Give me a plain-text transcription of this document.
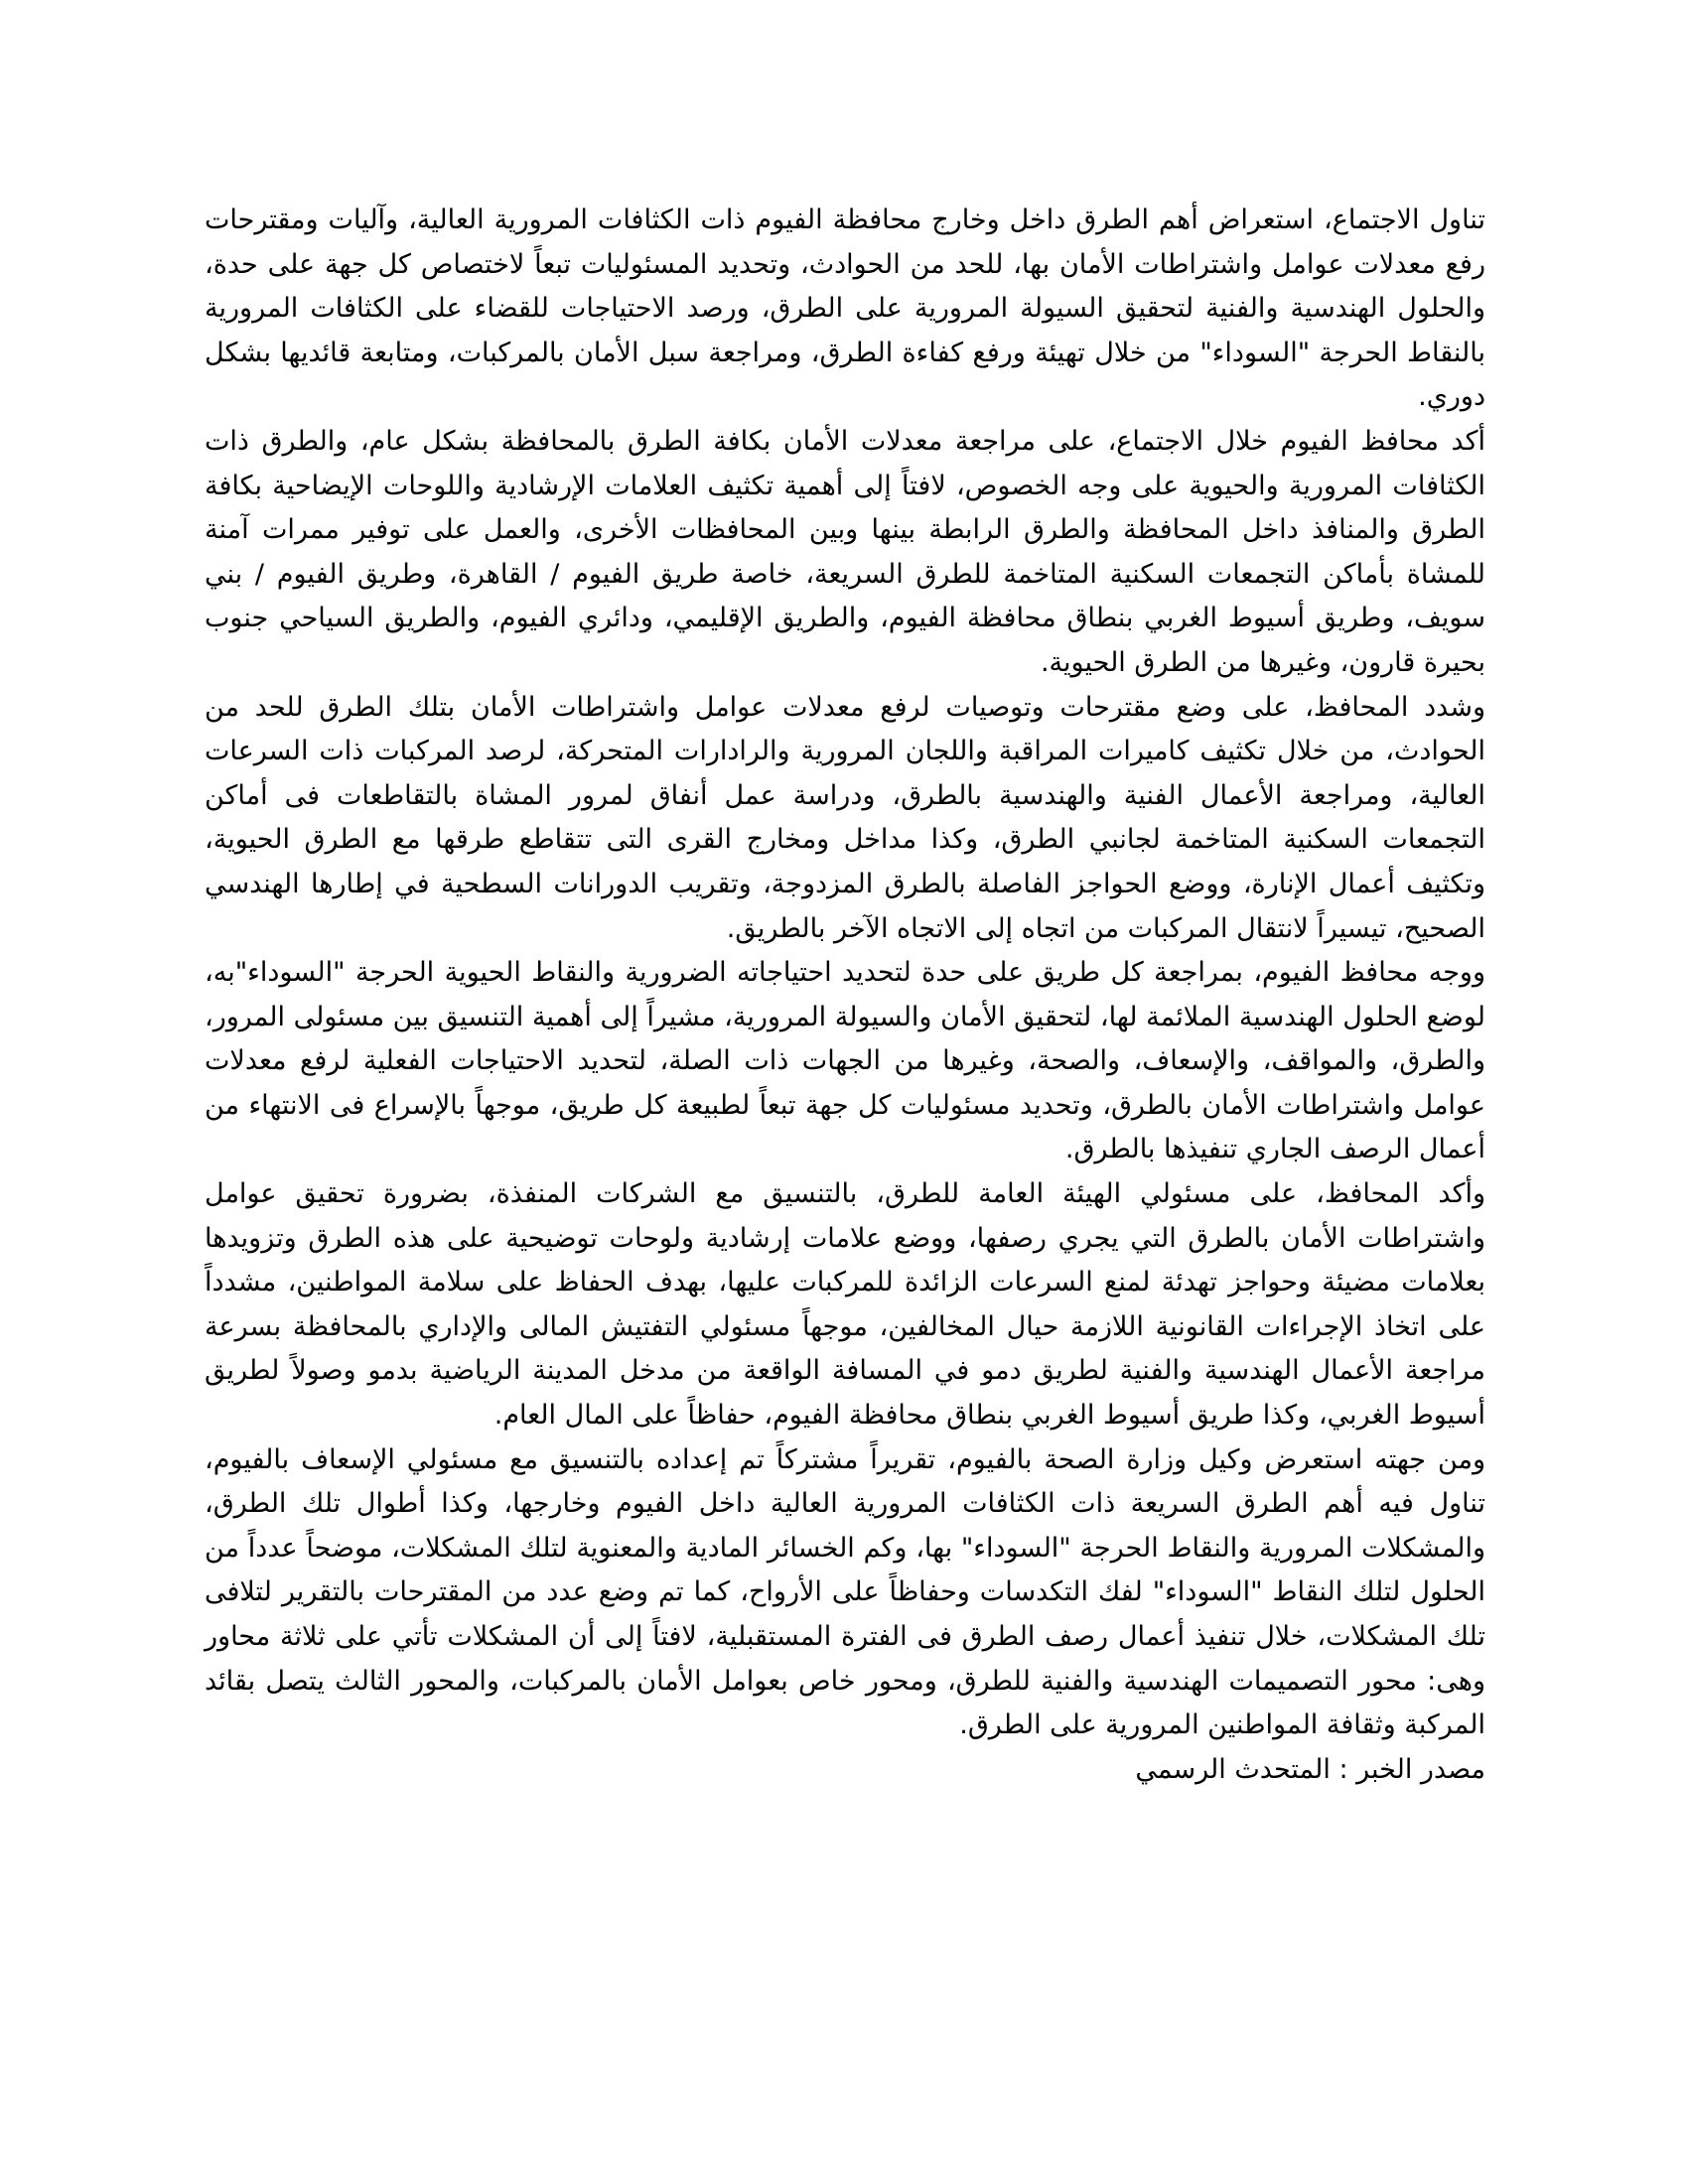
تناول الاجتماع، استعراض أهم الطرق داخل وخارج محافظة الفيوم ذات الكثافات المرورية العالية، وآليات ومقترحات رفع معدلات عوامل واشتراطات الأمان بها، للحد من الحوادث، وتحديد المسئوليات تبعاً لاختصاص كل جهة على حدة، والحلول الهندسية والفنية لتحقيق السيولة المرورية على الطرق، ورصد الاحتياجات للقضاء على الكثافات المرورية بالنقاط الحرجة "السوداء" من خلال تهيئة ورفع كفاءة الطرق، ومراجعة سبل الأمان بالمركبات، ومتابعة قائديها بشكل دوري.

أكد محافظ الفيوم خلال الاجتماع، على مراجعة معدلات الأمان بكافة الطرق بالمحافظة بشكل عام، والطرق ذات الكثافات المرورية والحيوية على وجه الخصوص، لافتاً إلى أهمية تكثيف العلامات الإرشادية واللوحات الإيضاحية بكافة الطرق والمنافذ داخل المحافظة والطرق الرابطة بينها وبين المحافظات الأخرى، والعمل على توفير ممرات آمنة للمشاة بأماكن التجمعات السكنية المتاخمة للطرق السريعة، خاصة طريق الفيوم / القاهرة، وطريق الفيوم / بني سويف، وطريق أسيوط الغربي بنطاق محافظة الفيوم، والطريق الإقليمي، ودائري الفيوم، والطريق السياحي جنوب بحيرة قارون، وغيرها من الطرق الحيوية.

وشدد المحافظ، على وضع مقترحات وتوصيات لرفع معدلات عوامل واشتراطات الأمان بتلك الطرق للحد من الحوادث، من خلال تكثيف كاميرات المراقبة واللجان المرورية والرادارات المتحركة، لرصد المركبات ذات السرعات العالية، ومراجعة الأعمال الفنية والهندسية بالطرق، ودراسة عمل أنفاق لمرور المشاة بالتقاطعات فى أماكن التجمعات السكنية المتاخمة لجانبي الطرق، وكذا مداخل ومخارج القرى التى تتقاطع طرقها مع الطرق الحيوية، وتكثيف أعمال الإنارة، ووضع الحواجز الفاصلة بالطرق المزدوجة، وتقريب الدورانات السطحية في إطارها الهندسي الصحيح، تيسيراً لانتقال المركبات من اتجاه إلى الاتجاه الآخر بالطريق.

ووجه محافظ الفيوم، بمراجعة كل طريق على حدة لتحديد احتياجاته الضرورية والنقاط الحيوية الحرجة "السوداء"به، لوضع الحلول الهندسية الملائمة لها، لتحقيق الأمان والسيولة المرورية، مشيراً إلى أهمية التنسيق بين مسئولى المرور، والطرق، والمواقف، والإسعاف، والصحة، وغيرها من الجهات ذات الصلة، لتحديد الاحتياجات الفعلية لرفع معدلات عوامل واشتراطات الأمان بالطرق، وتحديد مسئوليات كل جهة تبعاً لطبيعة كل طريق، موجهاً بالإسراع فى الانتهاء من أعمال الرصف الجاري تنفيذها بالطرق.

وأكد المحافظ، على مسئولي الهيئة العامة للطرق، بالتنسيق مع الشركات المنفذة، بضرورة تحقيق عوامل واشتراطات الأمان بالطرق التي يجري رصفها، ووضع علامات إرشادية ولوحات توضيحية على هذه الطرق وتزويدها بعلامات مضيئة وحواجز تهدئة لمنع السرعات الزائدة للمركبات عليها، بهدف الحفاظ على سلامة المواطنين، مشدداً على اتخاذ الإجراءات القانونية اللازمة حيال المخالفين، موجهاً مسئولي التفتيش المالى والإداري بالمحافظة بسرعة مراجعة الأعمال الهندسية والفنية لطريق دمو في المسافة الواقعة من مدخل المدينة الرياضية بدمو وصولاً لطريق أسيوط الغربي، وكذا طريق أسيوط الغربي بنطاق محافظة الفيوم، حفاظاً على المال العام.

ومن جهته استعرض وكيل وزارة الصحة بالفيوم، تقريراً مشتركاً تم إعداده بالتنسيق مع مسئولي الإسعاف بالفيوم، تناول فيه أهم الطرق السريعة ذات الكثافات المرورية العالية داخل الفيوم وخارجها، وكذا أطوال تلك الطرق، والمشكلات المرورية والنقاط الحرجة "السوداء" بها، وكم الخسائر المادية والمعنوية لتلك المشكلات، موضحاً عدداً من الحلول لتلك النقاط "السوداء" لفك التكدسات وحفاظاً على الأرواح، كما تم وضع عدد من المقترحات بالتقرير لتلافى تلك المشكلات، خلال تنفيذ أعمال رصف الطرق فى الفترة المستقبلية، لافتاً إلى أن المشكلات تأتي على ثلاثة محاور وهى: محور التصميمات الهندسية والفنية للطرق، ومحور خاص بعوامل الأمان بالمركبات، والمحور الثالث يتصل بقائد المركبة وثقافة المواطنين المرورية على الطرق.

مصدر الخبر : المتحدث الرسمي
